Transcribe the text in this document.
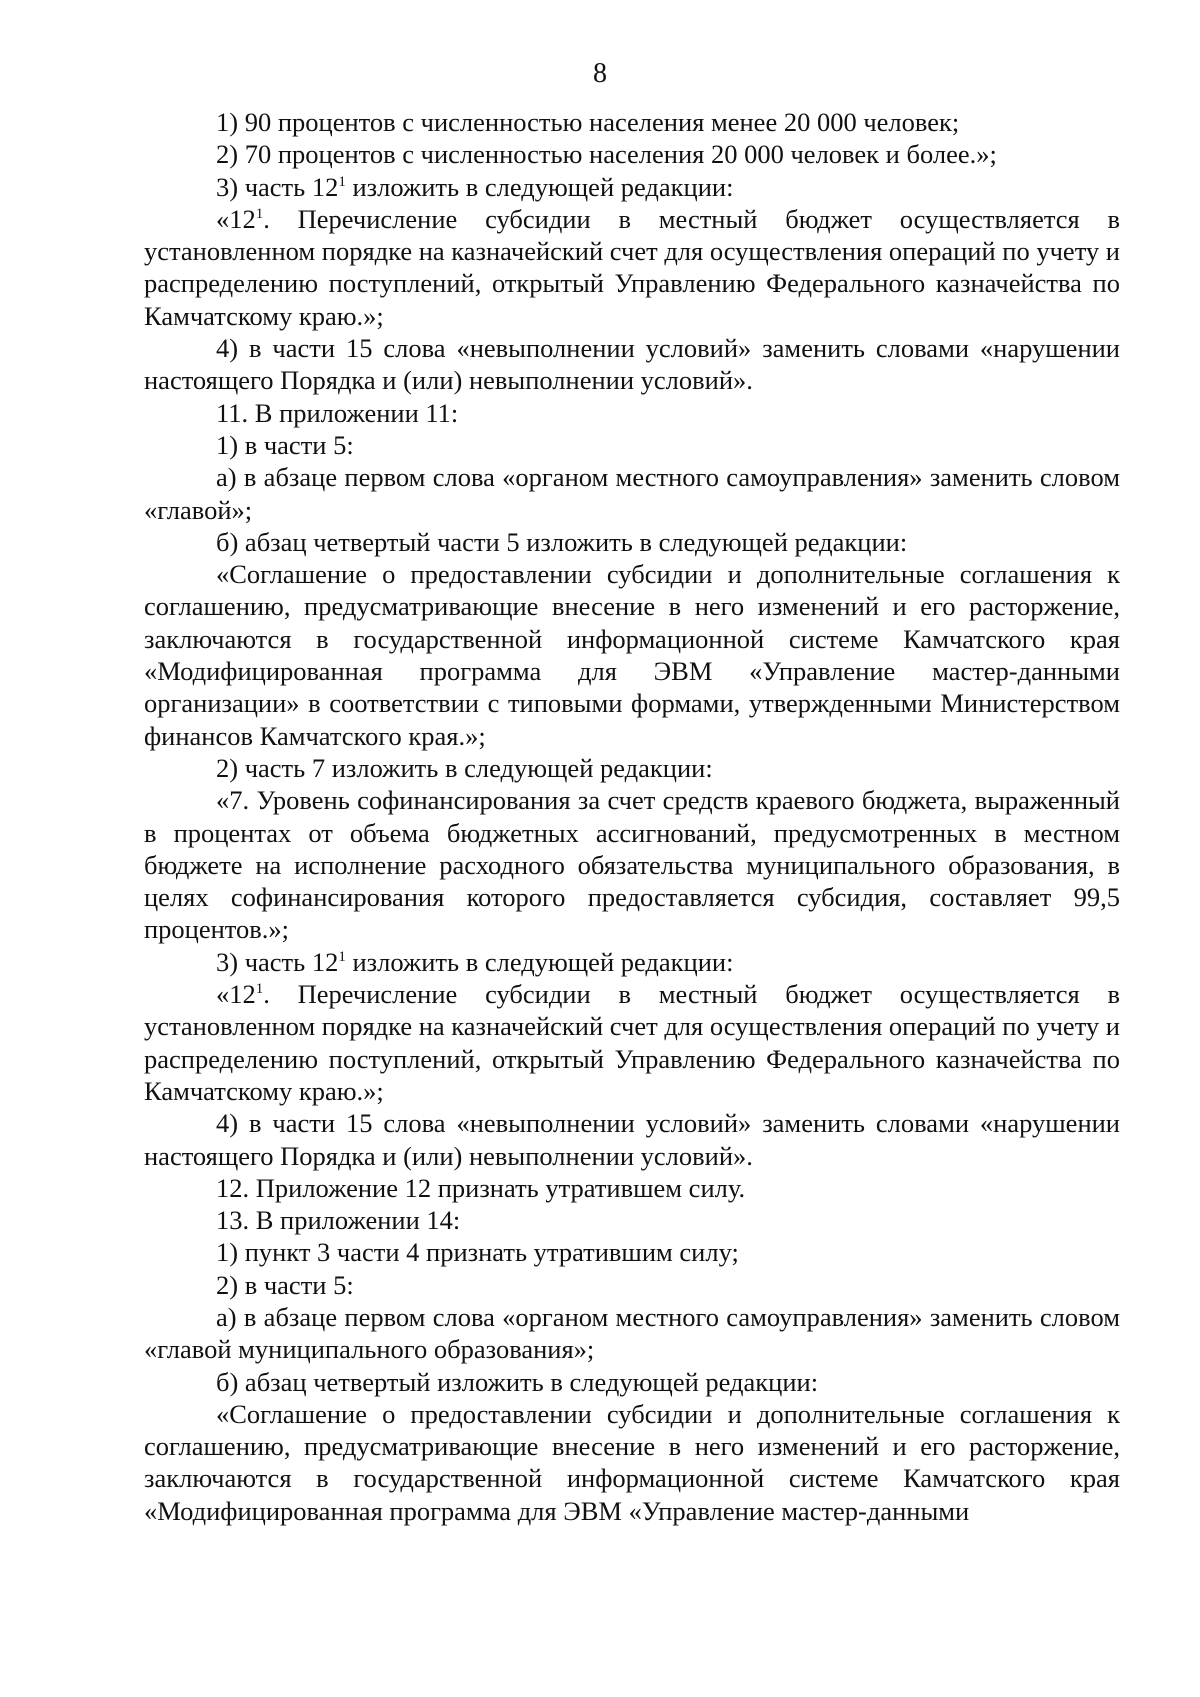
8

1) 90 процентов с численностью населения менее 20 000 человек;

2) 70 процентов с численностью населения 20 000 человек и более.»;

3) часть $12^1$ изложить в следующей редакции:

«$12^1$. Перечисление субсидии в местный бюджет осуществляется в установленном порядке на казначейский счет для осуществления операций по учету и распределению поступлений, открытый Управлению Федерального казначейства по Камчатскому краю.»;

4) в части 15 слова «невыполнении условий» заменить словами «нарушении настоящего Порядка и (или) невыполнении условий».

11. В приложении 11:

1) в части 5:

а) в абзаце первом слова «органом местного самоуправления» заменить словом «главой»;

б) абзац четвертый части 5 изложить в следующей редакции:

«Соглашение о предоставлении субсидии и дополнительные соглашения к соглашению, предусматривающие внесение в него изменений и его расторжение, заключаются в государственной информационной системе Камчатского края «Модифицированная программа для ЭВМ «Управление мастер-данными организации» в соответствии с типовыми формами, утвержденными Министерством финансов Камчатского края.»;

2) часть 7 изложить в следующей редакции:

«7. Уровень софинансирования за счет средств краевого бюджета, выраженный в процентах от объема бюджетных ассигнований, предусмотренных в местном бюджете на исполнение расходного обязательства муниципального образования, в целях софинансирования которого предоставляется субсидия, составляет 99,5 процентов.»;

3) часть $12^1$ изложить в следующей редакции:

«$12^1$. Перечисление субсидии в местный бюджет осуществляется в установленном порядке на казначейский счет для осуществления операций по учету и распределению поступлений, открытый Управлению Федерального казначейства по Камчатскому краю.»;

4) в части 15 слова «невыполнении условий» заменить словами «нарушении настоящего Порядка и (или) невыполнении условий».

12. Приложение 12 признать утратившем силу.

13. В приложении 14:

1) пункт 3 части 4 признать утратившим силу;

2) в части 5:

а) в абзаце первом слова «органом местного самоуправления» заменить словом «главой муниципального образования»;

б) абзац четвертый изложить в следующей редакции:

«Соглашение о предоставлении субсидии и дополнительные соглашения к соглашению, предусматривающие внесение в него изменений и его расторжение, заключаются в государственной информационной системе Камчатского края «Модифицированная программа для ЭВМ «Управление мастер-данными
